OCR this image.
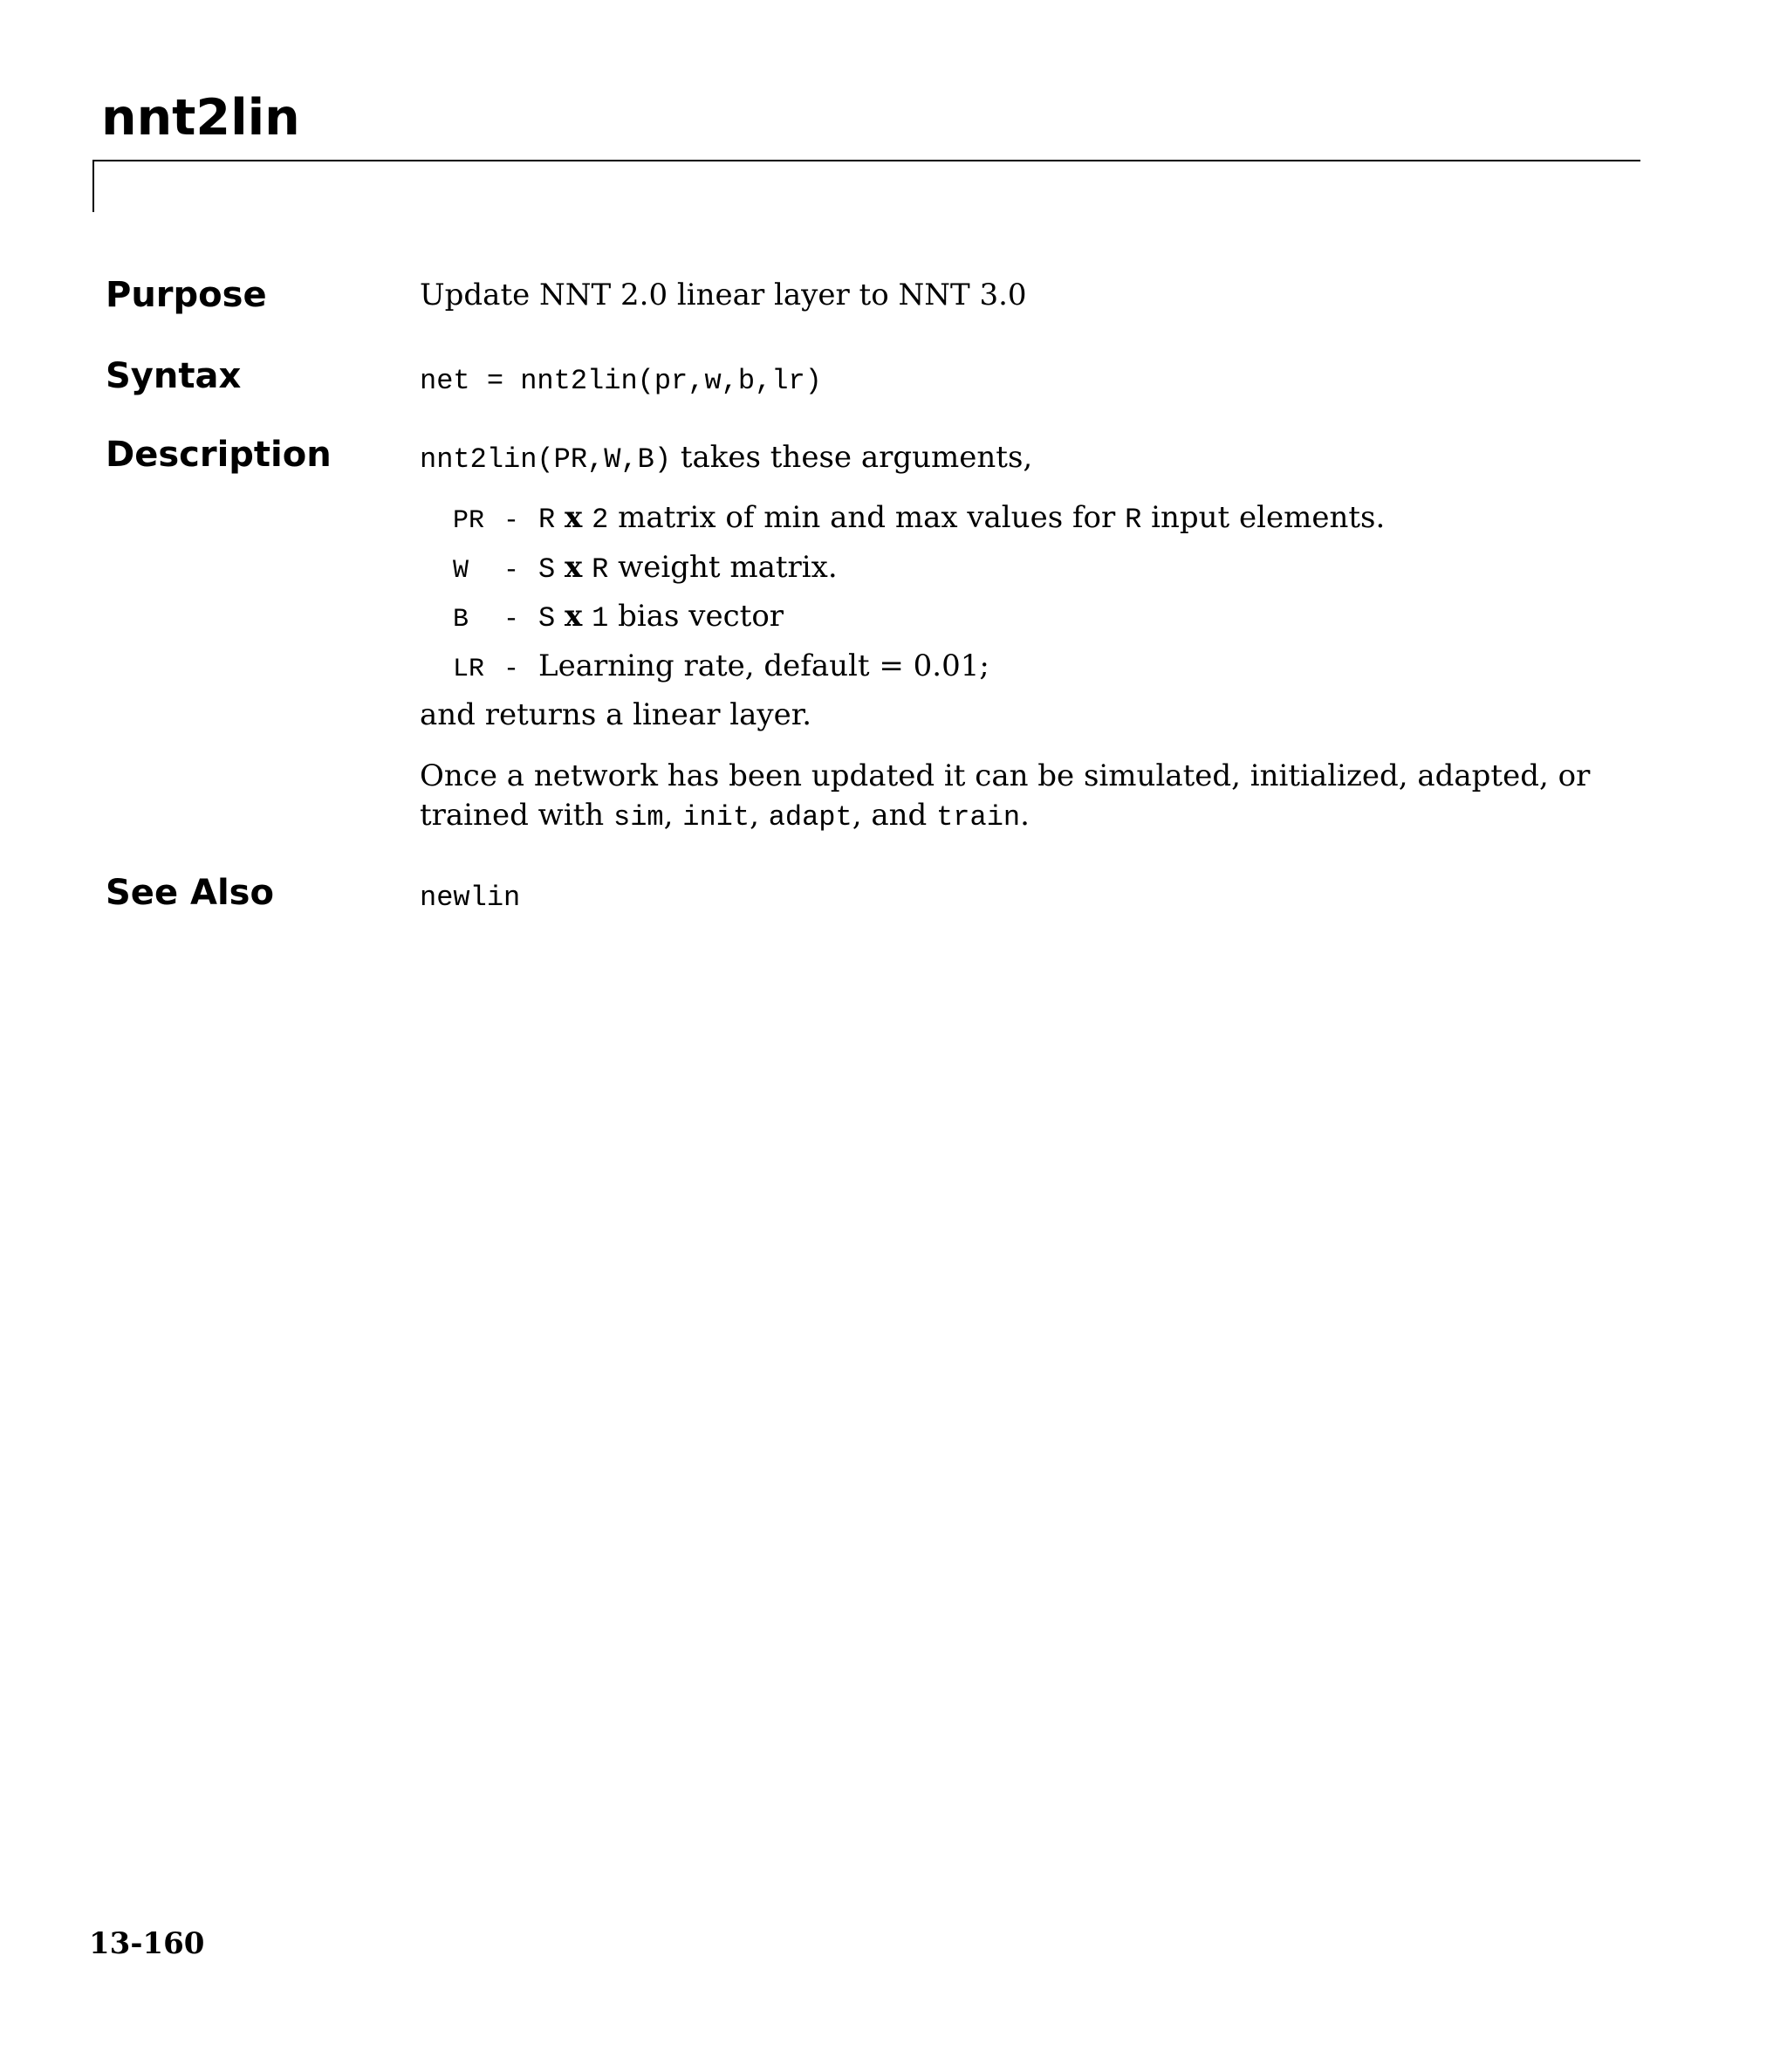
nnt2lin
Purpose	Update NNT 2.0 linear layer to NNT 3.0
Syntax	net = nnt2lin(pr,w,b,lr)
Description	nnt2lin(PR,W,B) takes these arguments,
PR - R x 2 matrix of min and max values for R input elements.
W - S x R weight matrix.
B - S x 1 bias vector
LR - Learning rate, default = 0.01;
and returns a linear layer.
Once a network has been updated it can be simulated, initialized, adapted, or
trained with sim, init, adapt, and train.
See Also	newlin
13-160
